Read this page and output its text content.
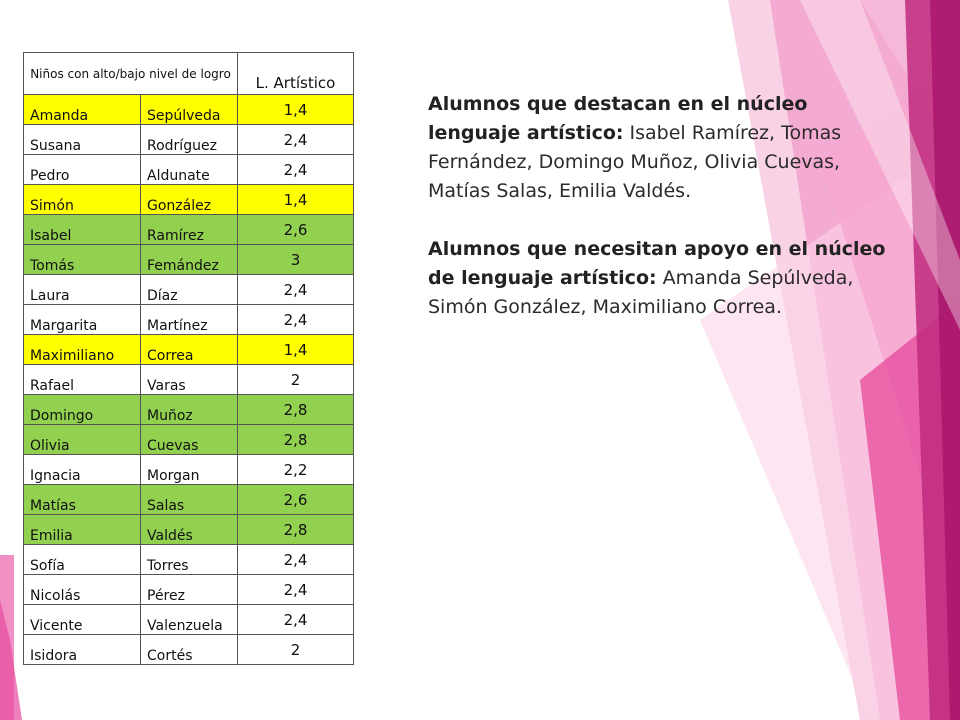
Niños con alto/bajo nivel de logro		L. Artístico
Amanda	Sepúlveda	1,4
Susana	Rodríguez	2,4
Pedro	Aldunate	2,4
Simón	González	1,4
Isabel	Ramírez	2,6
Tomás	Femández	3
Laura	Díaz	2,4
Margarita	Martínez	2,4
Maximiliano	Correa	1,4
Rafael	Varas	2
Domingo	Muñoz	2,8
Olivia	Cuevas	2,8
Ignacia	Morgan	2,2
Matías	Salas	2,6
Emilia	Valdés	2,8
Sofía	Torres	2,4
Nicolás	Pérez	2,4
Vicente	Valenzuela	2,4
Isidora	Cortés	2

Alumnos que destacan en el núcleo lenguaje artístico: Isabel Ramírez, Tomas Fernández, Domingo Muñoz, Olivia Cuevas, Matías Salas, Emilia Valdés.

Alumnos que necesitan apoyo en el núcleo de lenguaje artístico: Amanda Sepúlveda, Simón González, Maximiliano Correa.
